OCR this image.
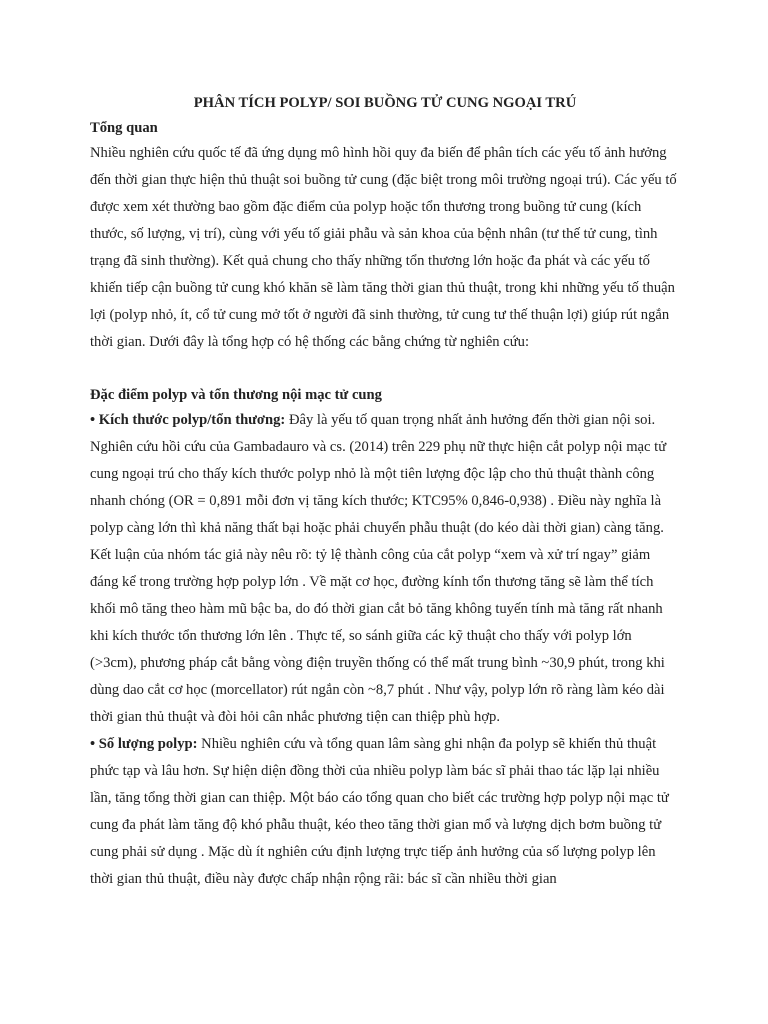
PHÂN TÍCH POLYP/ SOI BUỒNG TỬ CUNG NGOẠI TRÚ
Tổng quan

Nhiều nghiên cứu quốc tế đã ứng dụng mô hình hồi quy đa biến để phân tích các yếu tố ảnh hưởng đến thời gian thực hiện thủ thuật soi buồng tử cung (đặc biệt trong môi trường ngoại trú). Các yếu tố được xem xét thường bao gồm đặc điểm của polyp hoặc tổn thương trong buồng tử cung (kích thước, số lượng, vị trí), cùng với yếu tố giải phẫu và sản khoa của bệnh nhân (tư thế tử cung, tình trạng đã sinh thường). Kết quả chung cho thấy những tổn thương lớn hoặc đa phát và các yếu tố khiến tiếp cận buồng tử cung khó khăn sẽ làm tăng thời gian thủ thuật, trong khi những yếu tố thuận lợi (polyp nhỏ, ít, cổ tử cung mở tốt ở người đã sinh thường, tử cung tư thế thuận lợi) giúp rút ngắn thời gian. Dưới đây là tổng hợp có hệ thống các bằng chứng từ nghiên cứu:

Đặc điểm polyp và tổn thương nội mạc tử cung

• Kích thước polyp/tổn thương: Đây là yếu tố quan trọng nhất ảnh hưởng đến thời gian nội soi. Nghiên cứu hồi cứu của Gambadauro và cs. (2014) trên 229 phụ nữ thực hiện cắt polyp nội mạc tử cung ngoại trú cho thấy kích thước polyp nhỏ là một tiên lượng độc lập cho thủ thuật thành công nhanh chóng (OR = 0,891 mỗi đơn vị tăng kích thước; KTC95% 0,846-0,938) . Điều này nghĩa là polyp càng lớn thì khả năng thất bại hoặc phải chuyển phẫu thuật (do kéo dài thời gian) càng tăng. Kết luận của nhóm tác giả này nêu rõ: tỷ lệ thành công của cắt polyp “xem và xử trí ngay” giảm đáng kể trong trường hợp polyp lớn . Về mặt cơ học, đường kính tổn thương tăng sẽ làm thể tích khối mô tăng theo hàm mũ bậc ba, do đó thời gian cắt bỏ tăng không tuyến tính mà tăng rất nhanh khi kích thước tổn thương lớn lên . Thực tế, so sánh giữa các kỹ thuật cho thấy với polyp lớn (>3cm), phương pháp cắt bằng vòng điện truyền thống có thể mất trung bình ~30,9 phút, trong khi dùng dao cắt cơ học (morcellator) rút ngắn còn ~8,7 phút . Như vậy, polyp lớn rõ ràng làm kéo dài thời gian thủ thuật và đòi hỏi cân nhắc phương tiện can thiệp phù hợp.

• Số lượng polyp: Nhiều nghiên cứu và tổng quan lâm sàng ghi nhận đa polyp sẽ khiến thủ thuật phức tạp và lâu hơn. Sự hiện diện đồng thời của nhiều polyp làm bác sĩ phải thao tác lặp lại nhiều lần, tăng tổng thời gian can thiệp. Một báo cáo tổng quan cho biết các trường hợp polyp nội mạc tử cung đa phát làm tăng độ khó phẫu thuật, kéo theo tăng thời gian mổ và lượng dịch bơm buồng tử cung phải sử dụng . Mặc dù ít nghiên cứu định lượng trực tiếp ảnh hưởng của số lượng polyp lên thời gian thủ thuật, điều này được chấp nhận rộng rãi: bác sĩ cần nhiều thời gian
